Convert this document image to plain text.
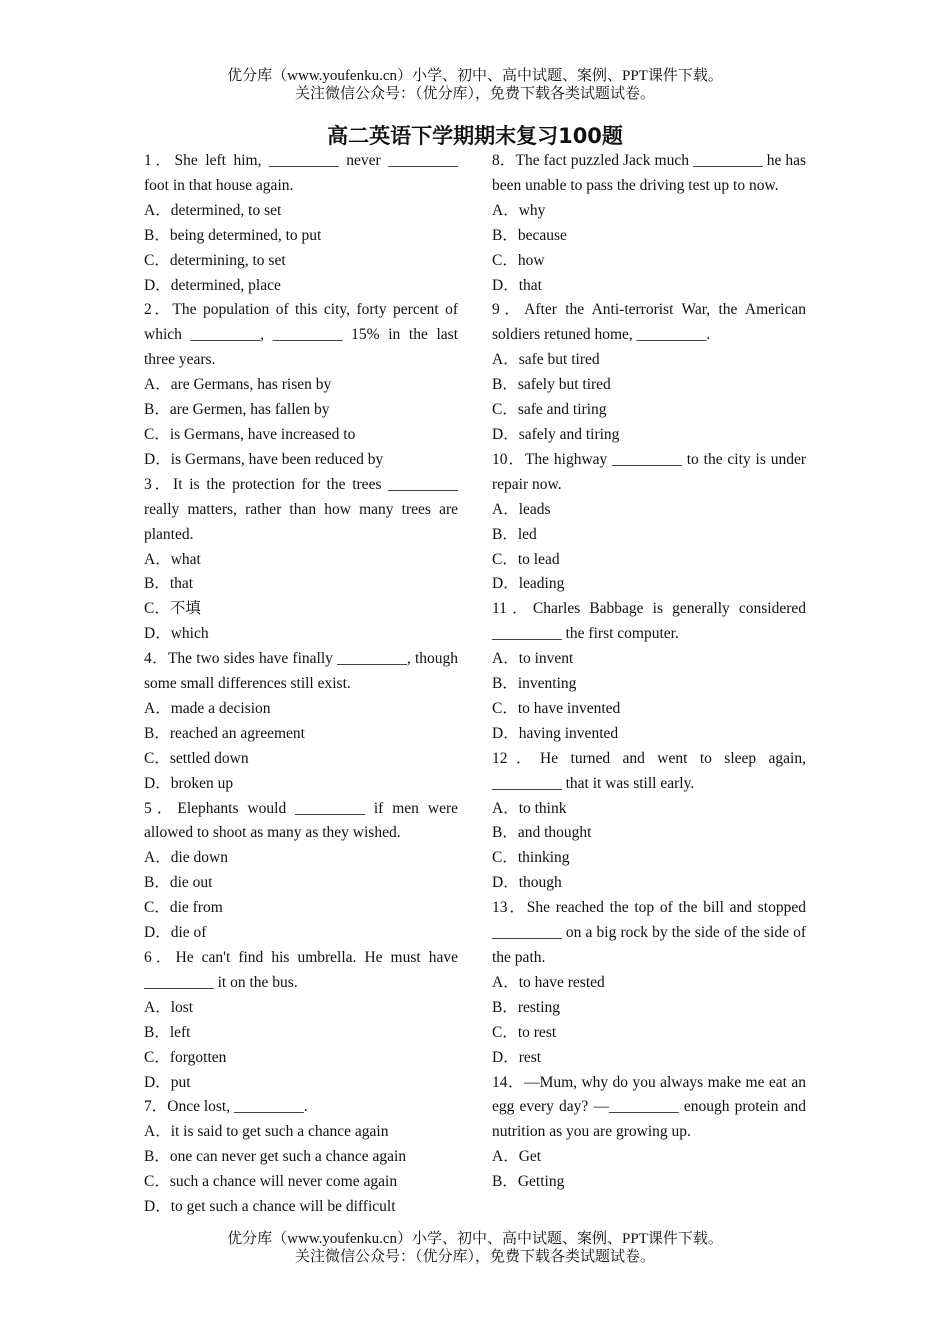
优分库（www.youfenku.cn）小学、初中、高中试题、案例、PPT课件下载。
关注微信公众号：（优分库），免费下载各类试题试卷。
高二英语下学期期末复习100题

1．She left him, _________ never _________ foot in that house again.

A．determined, to set

B．being determined, to put

C．determining, to set

D．determined, place

2．The population of this city, forty percent of which _________, _________ 15% in the last three years.

A．are Germans, has risen by

B．are Germen, has fallen by

C．is Germans, have increased to

D．is Germans, have been reduced by

3．It is the protection for the trees _________ really matters, rather than how many trees are planted.

A．what

B．that

C．不填

D．which

4．The two sides have finally _________, though some small differences still exist.

A．made a decision

B．reached an agreement

C．settled down

D．broken up

5．Elephants would _________ if men were allowed to shoot as many as they wished.

A．die down

B．die out

C．die from

D．die of

6．He can't find his umbrella. He must have _________ it on the bus.

A．lost

B．left

C．forgotten

D．put

7．Once lost, _________.

A．it is said to get such a chance again

B．one can never get such a chance again

C．such a chance will never come again

D．to get such a chance will be difficult

8．The fact puzzled Jack much _________ he has been unable to pass the driving test up to now.

A．why

B．because

C．how

D．that

9．After the Anti-terrorist War, the American soldiers retuned home, _________.

A．safe but tired

B．safely but tired

C．safe and tiring

D．safely and tiring

10．The highway _________ to the city is under repair now.

A．leads

B．led

C．to lead

D．leading

11．Charles Babbage is generally considered _________ the first computer.

A．to invent

B．inventing

C．to have invented

D．having invented

12．He turned and went to sleep again, _________ that it was still early.

A．to think

B．and thought

C．thinking

D．though

13．She reached the top of the bill and stopped _________ on a big rock by the side of the side of the path.

A．to have rested

B．resting

C．to rest

D．rest

14．—Mum, why do you always make me eat an egg every day? —_________ enough protein and nutrition as you are growing up.

A．Get

B．Getting

优分库（www.youfenku.cn）小学、初中、高中试题、案例、PPT课件下载。
关注微信公众号：（优分库），免费下载各类试题试卷。
